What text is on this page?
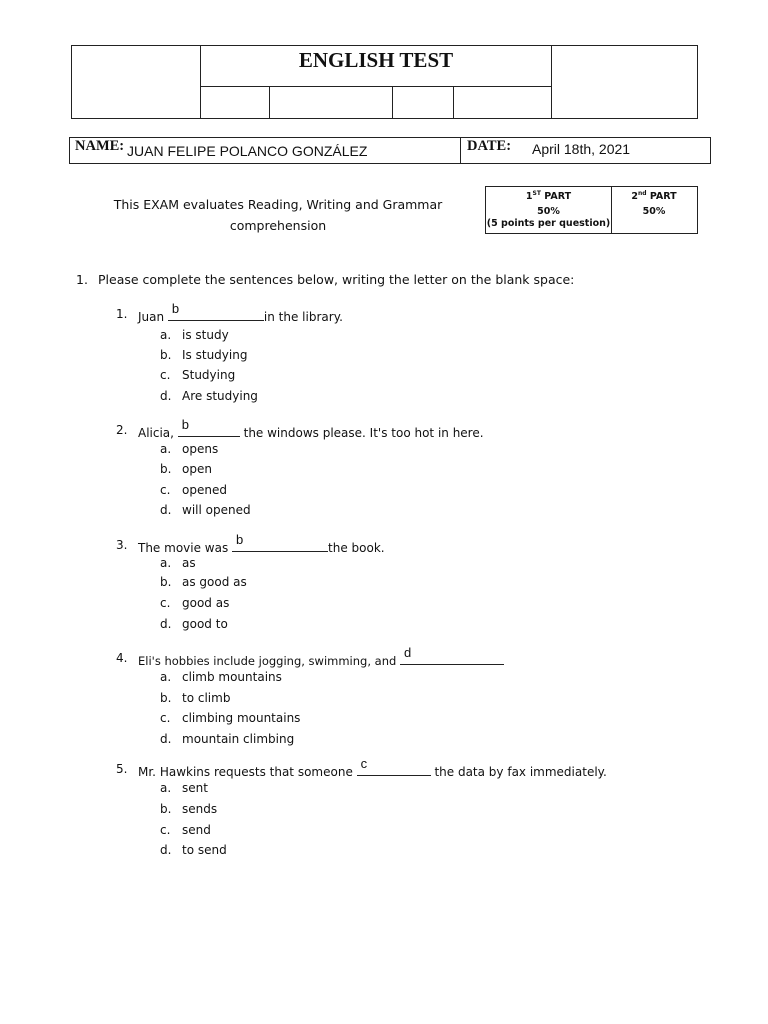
ENGLISH TEST
NAME: JUAN FELIPE POLANCO GONZÁLEZ	DATE: April 18th, 2021
This EXAM evaluates Reading, Writing and Grammar
comprehension
1ST PART
50%
(5 points per question)
2nd PART
50%
1. Please complete the sentences below, writing the letter on the blank space:
1. Juan
b
in the library.
a. is study
b. Is studying
c. Studying
d. Are studying
2. Alicia,
b
the windows please. It's too hot in here.
a. opens
b. open
c. opened
d. will opened
3. The movie was
b
the book.
a. as
b. as good as
c. good as
d. good to
4. Eli's hobbies include jogging, swimming, and
d
a. climb mountains
b. to climb
c. climbing mountains
d. mountain climbing
5. Mr. Hawkins requests that someone
c
the data by fax immediately.
a. sent
b. sends
c. send
d. to send
